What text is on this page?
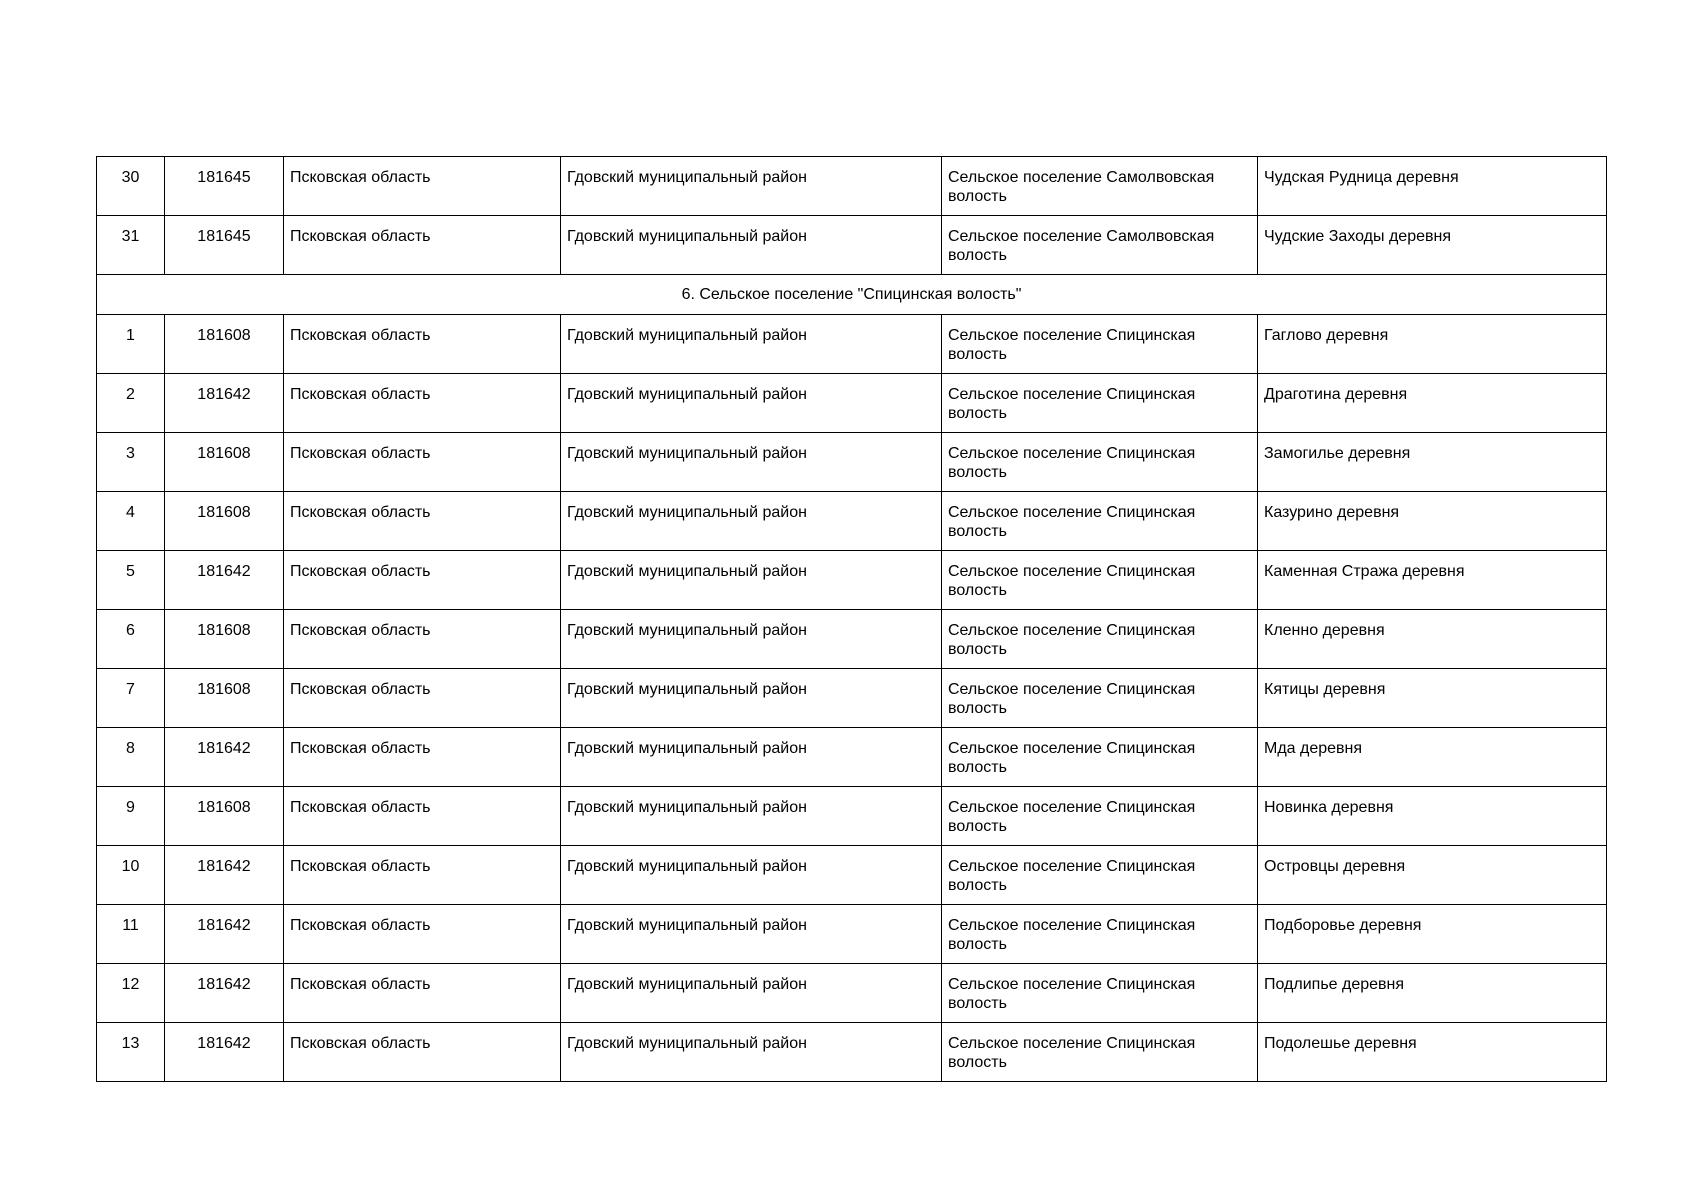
30	181645	Псковская область	Гдовский муниципальный район	Сельское поселение Самолвовская волость	Чудская Рудница деревня
31	181645	Псковская область	Гдовский муниципальный район	Сельское поселение Самолвовская волость	Чудские Заходы деревня
6. Сельское поселение "Спицинская волость"					
1	181608	Псковская область	Гдовский муниципальный район	Сельское поселение Спицинская волость	Гаглово деревня
2	181642	Псковская область	Гдовский муниципальный район	Сельское поселение Спицинская волость	Драготина деревня
3	181608	Псковская область	Гдовский муниципальный район	Сельское поселение Спицинская волость	Замогилье деревня
4	181608	Псковская область	Гдовский муниципальный район	Сельское поселение Спицинская волость	Казурино деревня
5	181642	Псковская область	Гдовский муниципальный район	Сельское поселение Спицинская волость	Каменная Стража деревня
6	181608	Псковская область	Гдовский муниципальный район	Сельское поселение Спицинская волость	Кленно деревня
7	181608	Псковская область	Гдовский муниципальный район	Сельское поселение Спицинская волость	Кятицы деревня
8	181642	Псковская область	Гдовский муниципальный район	Сельское поселение Спицинская волость	Мда деревня
9	181608	Псковская область	Гдовский муниципальный район	Сельское поселение Спицинская волость	Новинка деревня
10	181642	Псковская область	Гдовский муниципальный район	Сельское поселение Спицинская волость	Островцы деревня
11	181642	Псковская область	Гдовский муниципальный район	Сельское поселение Спицинская волость	Подборовье деревня
12	181642	Псковская область	Гдовский муниципальный район	Сельское поселение Спицинская волость	Подлипье деревня
13	181642	Псковская область	Гдовский муниципальный район	Сельское поселение Спицинская волость	Подолешье деревня
